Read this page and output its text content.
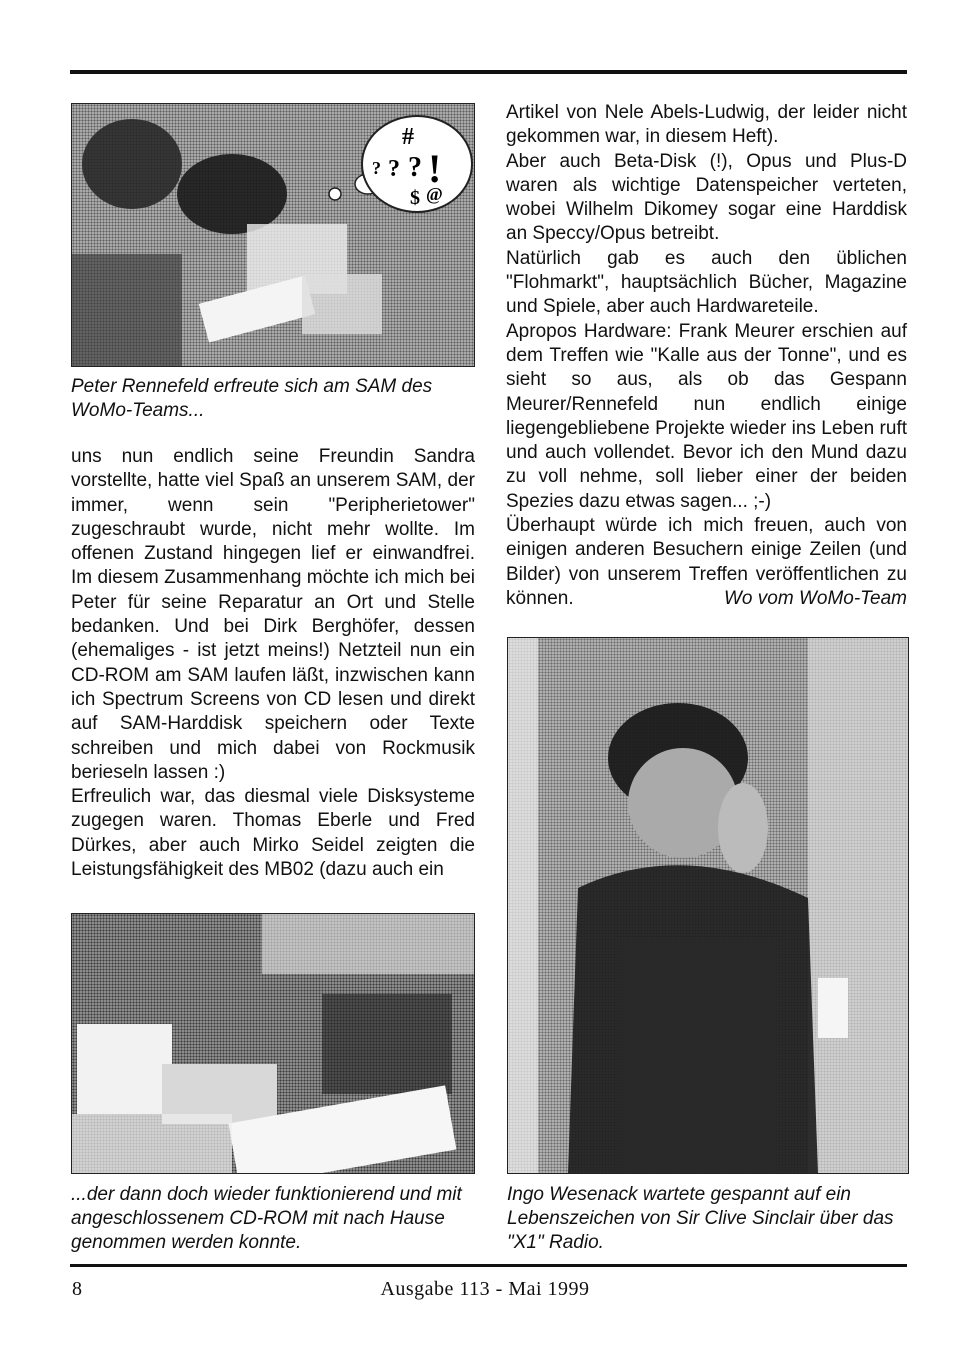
#
? ? ? !
$ @
Peter Rennefeld erfreute sich am SAM des WoMo-Teams...

uns nun endlich seine Freundin Sandra vorstellte, hatte viel Spaß an unserem SAM, der immer, wenn sein "Peripherietower" zugeschraubt wurde, nicht mehr wollte. Im offenen Zustand hingegen lief er einwandfrei. Im diesem Zusammenhang möchte ich mich bei Peter für seine Reparatur an Ort und Stelle bedanken. Und bei Dirk Berghöfer, dessen (ehemaliges - ist jetzt meins!) Netzteil nun ein CD-ROM am SAM laufen läßt, inzwischen kann ich Spectrum Screens von CD lesen und direkt auf SAM-Harddisk speichern oder Texte schreiben und mich dabei von Rockmusik berieseln lassen :)

Erfreulich war, das diesmal viele Disksysteme zugegen waren. Thomas Eberle und Fred Dürkes, aber auch Mirko Seidel zeigten die Leistungsfähigkeit des MB02 (dazu auch ein

...der dann doch wieder funktionierend und mit angeschlossenem CD-ROM mit nach Hause genommen werden konnte.

Artikel von Nele Abels-Ludwig, der leider nicht gekommen war, in diesem Heft).

Aber auch Beta-Disk (!), Opus und Plus-D waren als wichtige Datenspeicher verteten, wobei Wilhelm Dikomey sogar eine Harddisk an Speccy/Opus betreibt.

Natürlich gab es auch den üblichen "Flohmarkt", hauptsächlich Bücher, Magazine und Spiele, aber auch Hardwareteile.

Apropos Hardware: Frank Meurer erschien auf dem Treffen wie "Kalle aus der Tonne", und es sieht so aus, als ob das Gespann Meurer/Rennefeld nun endlich einige liegengebliebene Projekte wieder ins Leben ruft und auch vollendet. Bevor ich den Mund dazu zu voll nehme, soll lieber einer der beiden Spezies dazu etwas sagen... ;-)

Überhaupt würde ich mich freuen, auch von einigen anderen Besuchern einige Zeilen (und Bilder) von unserem Treffen veröffentlichen zu können.	Wo vom WoMo-Team

Ingo Wesenack wartete gespannt auf ein Lebenszeichen von Sir Clive Sinclair über das "X1" Radio.
8	Ausgabe 113 - Mai 1999
